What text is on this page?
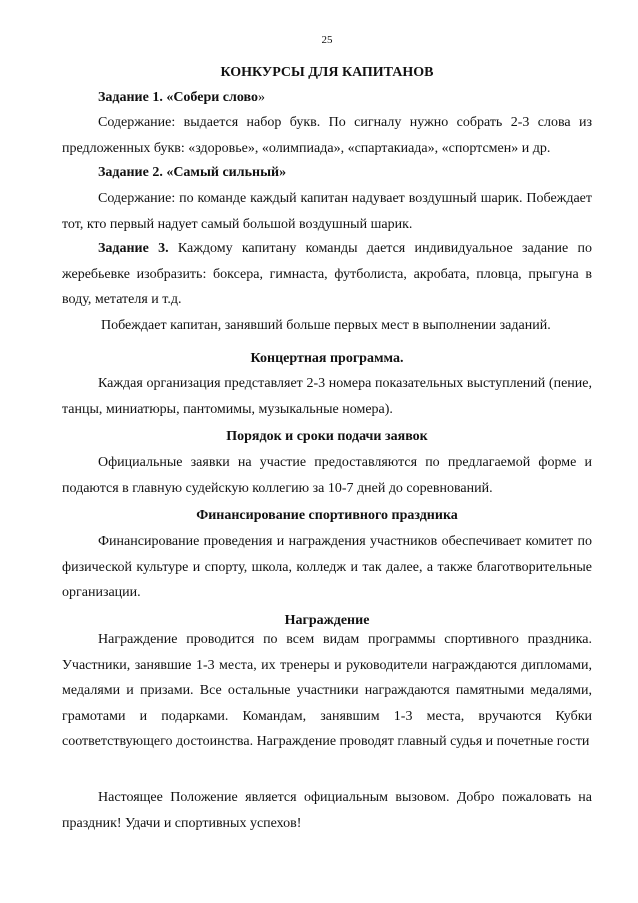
25
КОНКУРСЫ ДЛЯ КАПИТАНОВ
Задание 1. «Собери слово»
Содержание: выдается набор букв. По сигналу нужно собрать 2-3 слова из предложенных букв: «здоровье», «олимпиада», «спартакиада», «спортсмен» и др.
Задание 2. «Самый сильный»
Содержание: по команде каждый капитан надувает воздушный шарик. Побеждает тот, кто первый надует самый большой воздушный шарик.
Задание 3. Каждому капитану команды дается индивидуальное задание по жеребьевке изобразить: боксера, гимнаста, футболиста, акробата, пловца, прыгуна в воду, метателя и т.д.
Побеждает капитан, занявший больше первых мест в выполнении заданий.
Концертная программа.
Каждая организация представляет 2-3 номера показательных выступлений (пение, танцы, миниатюры, пантомимы, музыкальные номера).
Порядок и сроки подачи заявок
Официальные заявки на участие предоставляются по предлагаемой форме и подаются в главную судейскую коллегию за 10-7 дней до соревнований.
Финансирование спортивного праздника
Финансирование проведения и награждения участников обеспечивает комитет по физической культуре и спорту, школа, колледж и так далее, а также благотворительные организации.
Награждение
Награждение проводится по всем видам программы спортивного праздника. Участники, занявшие 1-3 места, их тренеры и руководители награждаются дипломами, медалями и призами. Все остальные участники награждаются памятными медалями, грамотами и подарками. Командам, занявшим 1-3 места, вручаются Кубки соответствующего достоинства. Награждение проводят главный судья и почетные гости
Настоящее Положение является официальным вызовом. Добро пожаловать на праздник! Удачи и спортивных успехов!
